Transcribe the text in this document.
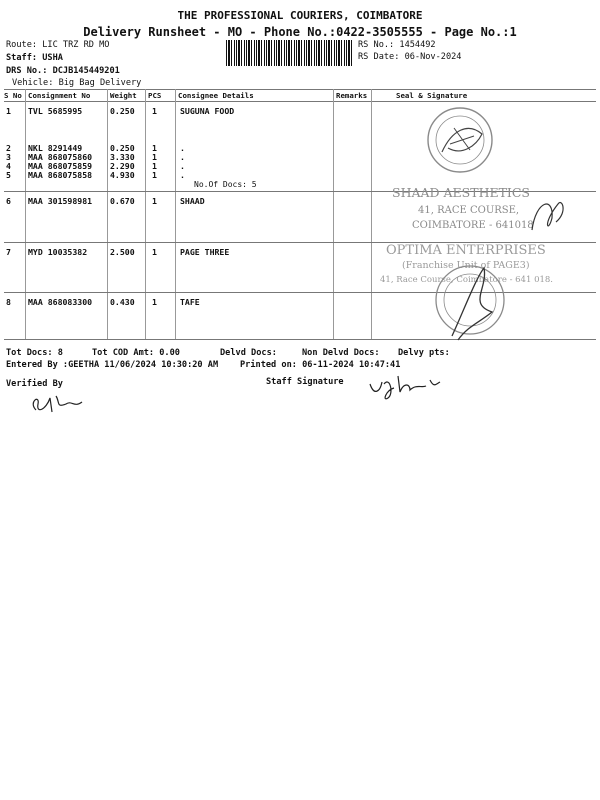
THE PROFESSIONAL COURIERS, COIMBATORE
Delivery Runsheet - MO - Phone No.:0422-3505555 - Page No.:1
Route: LIC TRZ RD MO
Staff: USHA
DRS No.: DCJB145449201
Vehicle: Big Bag Delivery
RS No.: 1454492
RS Date: 06-Nov-2024
S No Consignment No	Weight PCS Consignee Details	Remarks	Seal & Signature
1 TVL 5685995	0.250 1	SUGUNA FOOD
2 NKL 8291449	0.250 1	.
3 MAA 868075860 3.330 1	.
4 MAA 868075859 2.290 1	.
5 MAA 868075858 4.930 1	.
No.Of Docs: 5
6 MAA 301598981 0.670 1	SHAAD
7 MYD 10035382	2.500 1	PAGE THREE
8 MAA 868083300 0.430 1	TAFE
SHAAD AESTHETICS
41, RACE COURSE,
COIMBATORE - 641018
OPTIMA ENTERPRISES
(Franchise Unit of PAGE3)
41, Race Course, Coimbatore - 641 018.
Tot Docs: 8	Tot COD Amt: 0.00	Delvd Docs:	Non Delvd Docs: Delvy pts:
Entered By :GEETHA 11/06/2024 10:30:20 AM	Printed on: 06-11-2024 10:47:41
Verified By	Staff Signature
